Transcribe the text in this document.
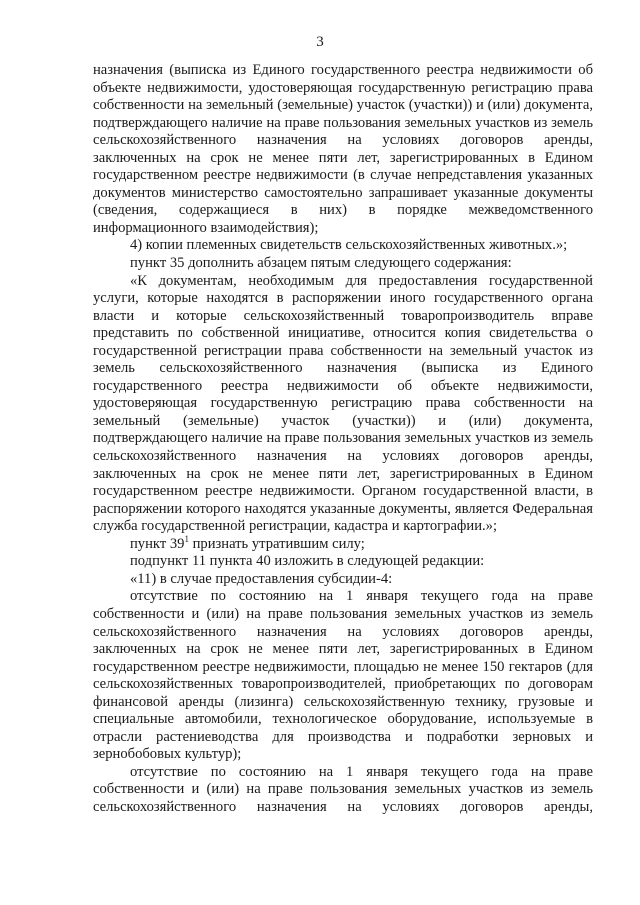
3

назначения (выписка из Единого государственного реестра недвижимости об объекте недвижимости, удостоверяющая государственную регистрацию права собственности на земельный (земельные) участок (участки)) и (или) документа, подтверждающего наличие на праве пользования земельных участков из земель сельскохозяйственного назначения на условиях договоров аренды, заключенных на срок не менее пяти лет, зарегистрированных в Едином государственном реестре недвижимости (в случае непредставления указанных документов министерство самостоятельно запрашивает указанные документы (сведения, содержащиеся в них) в порядке межведомственного информационного взаимодействия);

4) копии племенных свидетельств сельскохозяйственных животных.»;

пункт 35 дополнить абзацем пятым следующего содержания:

«К документам, необходимым для предоставления государственной услуги, которые находятся в распоряжении иного государственного органа власти и которые сельскохозяйственный товаропроизводитель вправе представить по собственной инициативе, относится копия свидетельства о государственной регистрации права собственности на земельный участок из земель сельскохозяйственного назначения (выписка из Единого государственного реестра недвижимости об объекте недвижимости, удостоверяющая государственную регистрацию права собственности на земельный (земельные) участок (участки)) и (или) документа, подтверждающего наличие на праве пользования земельных участков из земель сельскохозяйственного назначения на условиях договоров аренды, заключенных на срок не менее пяти лет, зарегистрированных в Едином государственном реестре недвижимости. Органом государственной власти, в распоряжении которого находятся указанные документы, является Федеральная служба государственной регистрации, кадастра и картографии.»;

пункт $39^1$ признать утратившим силу;

подпункт 11 пункта 40 изложить в следующей редакции:

«11) в случае предоставления субсидии-4:

отсутствие по состоянию на 1 января текущего года на праве собственности и (или) на праве пользования земельных участков из земель сельскохозяйственного назначения на условиях договоров аренды, заключенных на срок не менее пяти лет, зарегистрированных в Едином государственном реестре недвижимости, площадью не менее 150 гектаров (для сельскохозяйственных товаропроизводителей, приобретающих по договорам финансовой аренды (лизинга) сельскохозяйственную технику, грузовые и специальные автомобили, технологическое оборудование, используемые в отрасли растениеводства для производства и подработки зерновых и зернобобовых культур);

отсутствие по состоянию на 1 января текущего года на праве собственности и (или) на праве пользования земельных участков из земель сельскохозяйственного назначения на условиях договоров аренды,
